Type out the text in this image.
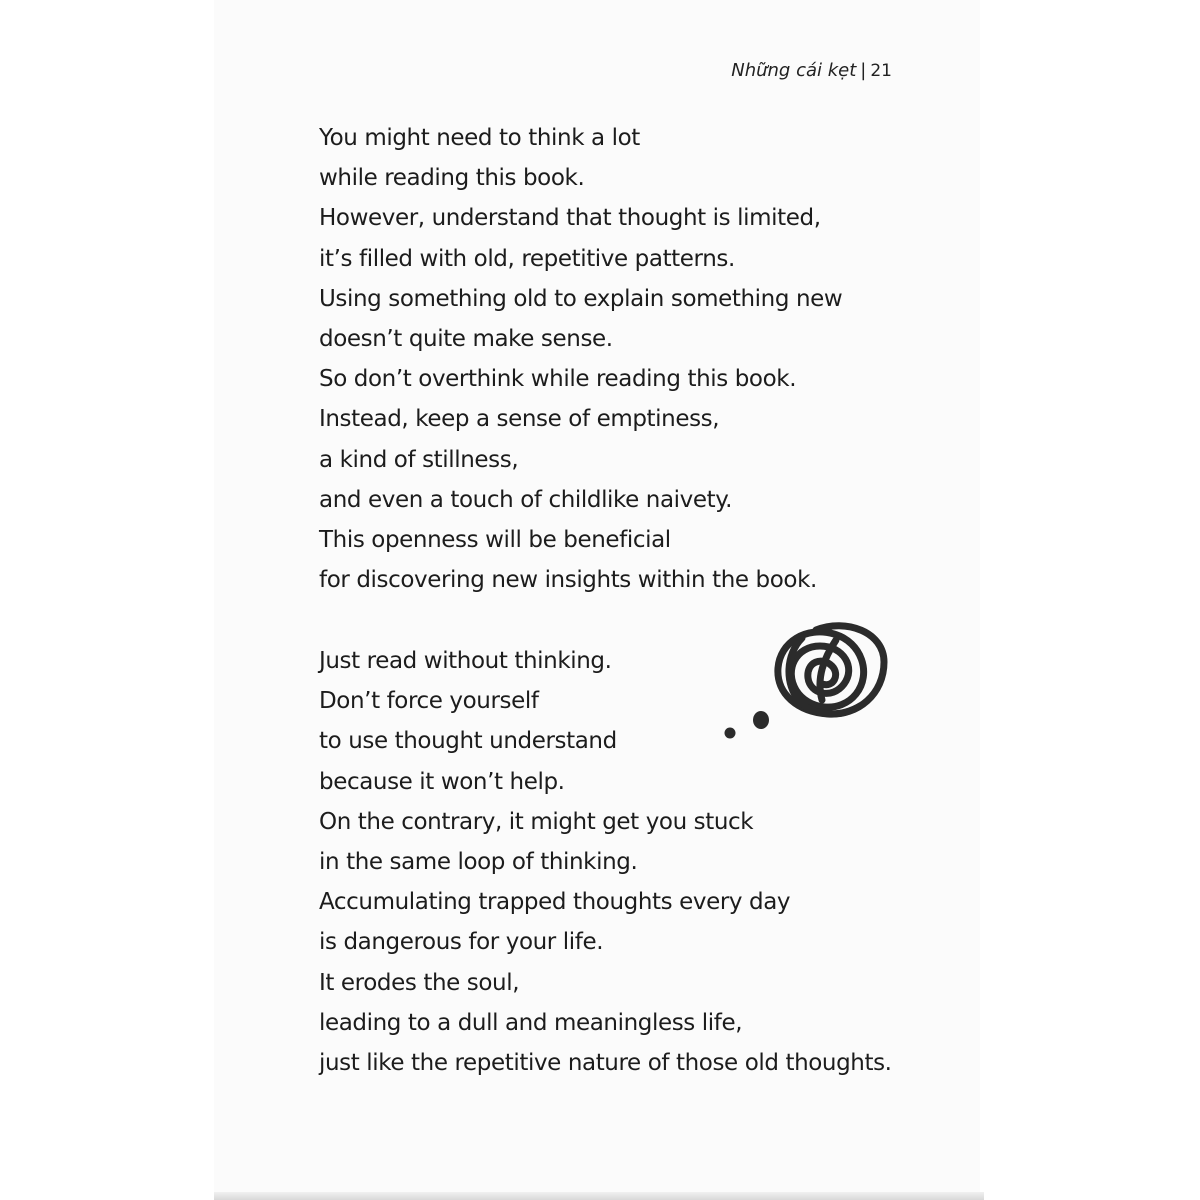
Những cái kẹt | 21
You might need to think a lot
while reading this book.
However, understand that thought is limited,
it’s filled with old, repetitive patterns.
Using something old to explain something new
doesn’t quite make sense.
So don’t overthink while reading this book.
Instead, keep a sense of emptiness,
a kind of stillness,
and even a touch of childlike naivety.
This openness will be beneficial
for discovering new insights within the book.
Just read without thinking.
Don’t force yourself
to use thought understand
because it won’t help.
On the contrary, it might get you stuck
in the same loop of thinking.
Accumulating trapped thoughts every day
is dangerous for your life.
It erodes the soul,
leading to a dull and meaningless life,
just like the repetitive nature of those old thoughts.
